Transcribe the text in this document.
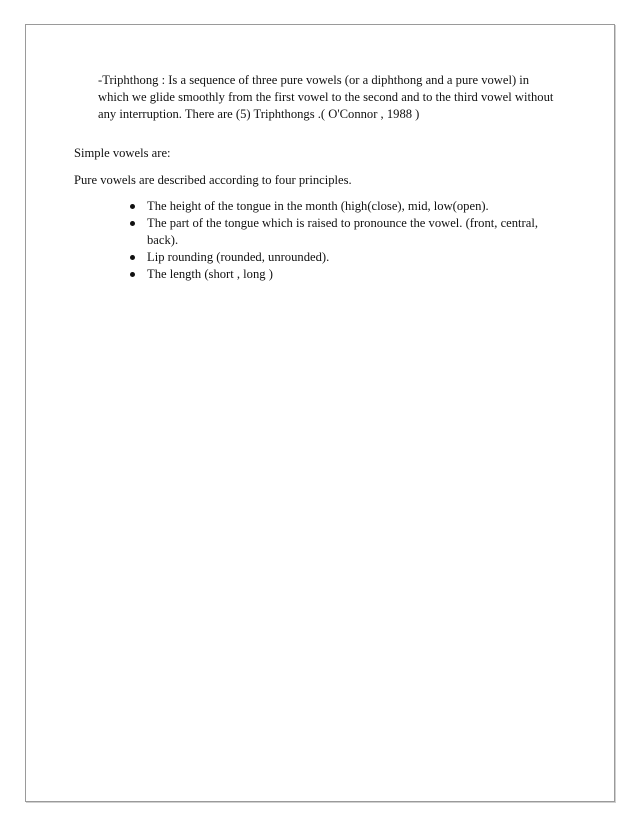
-Triphthong : Is a sequence of three pure vowels (or a diphthong and a pure vowel) in which we glide smoothly from the first vowel to the second and to the third vowel without any interruption. There are (5) Triphthongs .( O'Connor , 1988 )

Simple vowels are:

Pure vowels are described according to four principles.

The height of the tongue in the month (high(close), mid, low(open).
The part of the tongue which is raised to pronounce the vowel. (front, central, back).
Lip rounding (rounded, unrounded).
The length (short , long )
